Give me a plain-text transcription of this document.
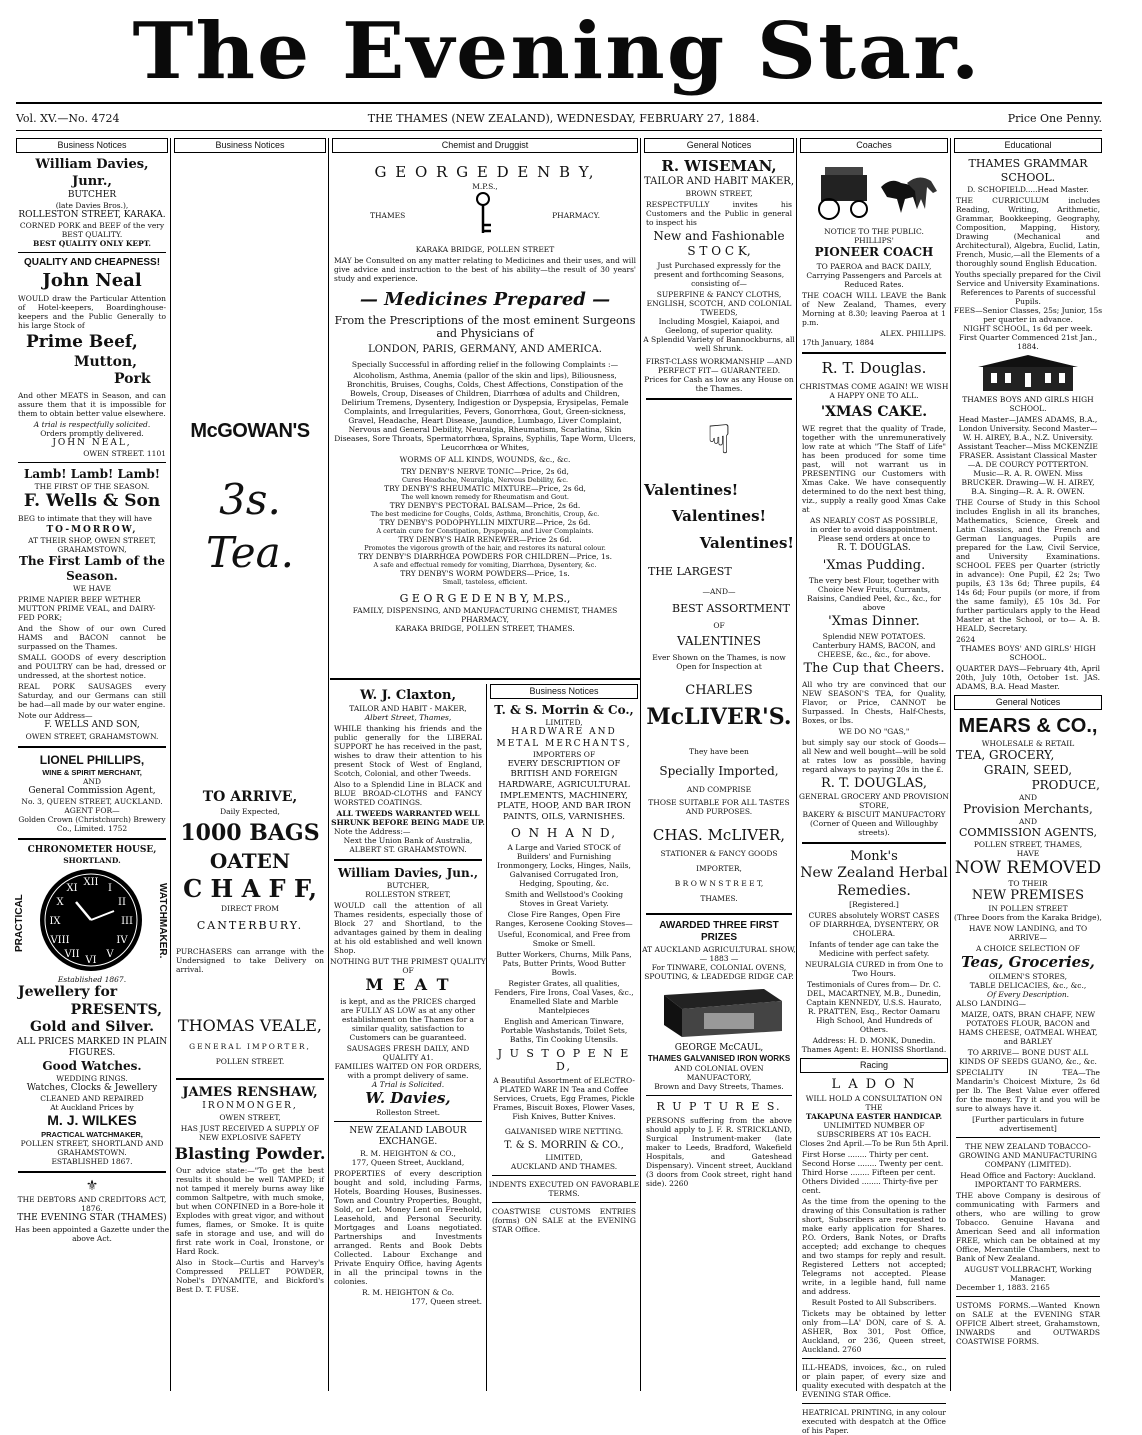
The Evening Star.
Vol. XV.—No. 4724	THE THAMES (NEW ZEALAND), WEDNESDAY, FEBRUARY 27, 1884.	Price One Penny.
Business Notices
William Davies, Junr.,
BUTCHER
(late Davies Bros.),
ROLLESTON STREET, KARAKA.
CORNED PORK and BEEF of the very BEST QUALITY.
BEST QUALITY ONLY KEPT.
QUALITY AND CHEAPNESS!
John Neal

WOULD draw the Particular Attention of Hotel-keepers, Boardinghouse-keepers and the Public Generally to his large Stock of

Prime Beef,
Mutton,
Pork

And other MEATS in Season, and can assure them that it is impossible for them to obtain better value elsewhere.

A trial is respectfully solicited.
Orders promptly delivered.
JOHN NEAL,
OWEN STREET. 1101
Lamb! Lamb! Lamb!
THE FIRST OF THE SEASON.
F. Wells & Son

BEG to intimate that they will have

TO-MORROW,
AT THEIR SHOP, OWEN STREET, GRAHAMSTOWN,
The First Lamb of the Season.
WE HAVE

PRIME NAPIER BEEF WETHER MUTTON PRIME VEAL, and DAIRY-FED PORK;

And the Show of our own Cured HAMS and BACON cannot be surpassed on the Thames.

SMALL GOODS of every description and POULTRY can be had, dressed or undressed, at the shortest notice.

REAL PORK SAUSAGES every Saturday, and our Germans can still be had—all made by our water engine.

Note our Address—
F. WELLS AND SON,
OWEN STREET, GRAHAMSTOWN.
LIONEL PHILLIPS,
WINE & SPIRIT MERCHANT,
AND
General Commission Agent,
No. 3, QUEEN STREET, AUCKLAND.
AGENT FOR—
Golden Crown (Christchurch) Brewery Co., Limited. 1752
CHRONOMETER HOUSE,
SHORTLAND.
PRACTICAL	WATCHMAKER.
XII
III
VI
IX
I
II
IV
V
VII
VIII
X
XI
Established 1867.
Jewellery for
PRESENTS,
Gold and Silver.
ALL PRICES MARKED IN PLAIN FIGURES.
Good Watches.
WEDDING RINGS.
Watches, Clocks & Jewellery
CLEANED AND REPAIRED
At Auckland Prices by
M. J. WILKES
PRACTICAL WATCHMAKER,
POLLEN STREET, SHORTLAND AND GRAHAMSTOWN.
ESTABLISHED 1867.
⚜
THE DEBTORS AND CREDITORS ACT, 1876.
THE EVENING STAR (THAMES)
Has been appointed a Gazette under the above Act.
Business Notices
McGOWAN'S
3s. Tea.
TO ARRIVE,
Daily Expected,
1000 BAGS
OATEN
C H A F F,
DIRECT FROM
CANTERBURY.

PURCHASERS can arrange with the Undersigned to take Delivery on arrival.

THOMAS VEALE,
GENERAL IMPORTER,
POLLEN STREET.
JAMES RENSHAW,
IRONMONGER,
OWEN STREET,

HAS JUST RECEIVED A SUPPLY OF NEW EXPLOSIVE SAFETY

Blasting Powder.

Our advice state:—"To get the best results it should be well TAMPED; if not tamped it merely burns away like common Saltpetre, with much smoke, but when CONFINED in a Bore-hole it Explodes with great vigor, and without fumes, flames, or Smoke. It is quite safe in storage and use, and will do first rate work in Coal, Ironstone, or Hard Rock.

Also in Stock—Curtis and Harvey's Compressed PELLET POWDER, Nobel's DYNAMITE, and Bickford's Best D. T. FUSE.

Chemist and Druggist
G E O R G E D E N B Y,
M.P.S.,
THAMES	PHARMACY.
KARAKA BRIDGE, POLLEN STREET

MAY be Consulted on any matter relating to Medicines and their uses, and will give advice and instruction to the best of his ability—the result of 30 years' study and experience.

— Medicines Prepared —
From the Prescriptions of the most eminent Surgeons and Physicians of
LONDON, PARIS, GERMANY, AND AMERICA.
Specially Successful in affording relief in the following Complaints :—

Alcoholism, Asthma, Anemia (pallor of the skin and lips), Biliousness, Bronchitis, Bruises, Coughs, Colds, Chest Affections, Constipation of the Bowels, Croup, Diseases of Children, Diarrhœa of adults and Children, Delirium Tremens, Dysentery, Indigestion or Dyspepsia, Erysipelas, Female Complaints, and Irregularities, Fevers, Gonorrhœa, Gout, Green-sickness, Gravel, Headache, Heart Disease, Jaundice, Lumbago, Liver Complaint, Nervous and General Debility, Neuralgia, Rheumatism, Scarlatina, Skin Diseases, Sore Throats, Spermatorrhœa, Sprains, Syphilis, Tape Worm, Ulcers, Leucorrhœa or Whites,

WORMS OF ALL KINDS, WOUNDS, &c., &c.
TRY DENBY'S NERVE TONIC—Price, 2s 6d,
Cures Headache, Neuralgia, Nervous Debility, &c.
TRY DENBY'S RHEUMATIC MIXTURE—Price, 2s 6d,
The well known remedy for Rheumatism and Gout.
TRY DENBY'S PECTORAL BALSAM—Price, 2s 6d.
The best medicine for Coughs, Colds, Asthma, Bronchitis, Croup, &c.
TRY DENBY'S PODOPHYLLIN MIXTURE—Price, 2s 6d.
A certain cure for Constipation, Dyspepsia, and Liver Complaints.
TRY DENBY'S HAIR RENEWER—Price 2s 6d.
Promotes the vigorous growth of the hair, and restores its natural colour.
TRY DENBY'S DIARRHŒA POWDERS FOR CHILDREN—Price, 1s.
A safe and effectual remedy for vomiting, Diarrhœa, Dysentery, &c.
TRY DENBY'S WORM POWDERS—Price, 1s.
Small, tasteless, efficient.
G E O R G E D E N B Y, M.P.S.,
FAMILY, DISPENSING, AND MANUFACTURING CHEMIST, THAMES PHARMACY,
KARAKA BRIDGE, POLLEN STREET, THAMES.
W. J. Claxton,
TAILOR AND HABIT - MAKER,
Albert Street, Thames,

WHILE thanking his friends and the public generally for the LIBERAL SUPPORT he has received in the past, wishes to draw their attention to his present Stock of West of England, Scotch, Colonial, and other Tweeds.

Also to a Splendid Line in BLACK and BLUE BROAD-CLOTHS and FANCY WORSTED COATINGS.

ALL TWEEDS WARRANTED WELL SHRUNK BEFORE BEING MADE UP.
Note the Address:—
Next the Union Bank of Australia, ALBERT ST. GRAHAMSTOWN.
William Davies, Jun.,
BUTCHER,
ROLLESTON STREET,

WOULD call the attention of all Thames residents, especially those of Block 27 and Shortland, to the advantages gained by them in dealing at his old established and well known Shop.

NOTHING BUT THE PRIMEST QUALITY OF
M E A T

is kept, and as the PRICES charged are FULLY AS LOW as at any other establishment on the Thames for a similar quality, satisfaction to Customers can be guaranteed.

SAUSAGES FRESH DAILY, AND QUALITY A1.
FAMILIES WAITED ON FOR ORDERS, with a prompt delivery of same.
A Trial is Solicited.
W. Davies,
Rolleston Street.
NEW ZEALAND LABOUR EXCHANGE.
R. M. HEIGHTON & CO.,
177, Queen Street, Auckland,

PROPERTIES of every description bought and sold, including Farms, Hotels, Boarding Houses, Businesses. Town and Country Properties, Bought, Sold, or Let. Money Lent on Freehold, Leasehold, and Personal Security. Mortgages and Loans negotiated. Partnerships and Investments arranged. Rents and Book Debts Collected. Labour Exchange and Private Enquiry Office, having Agents in all the principal towns in the colonies.

R. M. HEIGHTON & Co.
177, Queen street.
Business Notices
T. & S. Morrin & Co.,
LIMITED,
HARDWARE AND METAL MERCHANTS,
IMPORTERS OF
EVERY DESCRIPTION OF BRITISH AND FOREIGN HARDWARE, AGRICULTURAL IMPLEMENTS, MACHINERY, PLATE, HOOP, AND BAR IRON PAINTS, OILS, VARNISHES.
O N H A N D,

A Large and Varied STOCK of Builders' and Furnishing Ironmongery, Locks, Hinges, Nails, Galvanised Corrugated Iron, Hedging, Spouting, &c.

Smith and Wellstood's Cooking Stoves in Great Variety.

Close Fire Ranges, Open Fire Ranges, Kerosene Cooking Stoves—

Useful, Economical, and Free from Smoke or Smell.

Butter Workers, Churns, Milk Pans, Pats, Butter Prints, Wood Butter Bowls.

Register Grates, all qualities, Fenders, Fire Irons, Coal Vases, &c., Enamelled Slate and Marble Mantelpieces

English and American Tinware, Portable Washstands, Toilet Sets, Baths, Tin Cooking Utensils.

J U S T O P E N E D,

A Beautiful Assortment of ELECTRO-PLATED WARE IN Tea and Coffee Services, Cruets, Egg Frames, Pickle Frames, Biscuit Boxes, Flower Vases, Fish Knives, Butter Knives.

GALVANISED WIRE NETTING.
T. & S. MORRIN & CO.,
LIMITED,
AUCKLAND AND THAMES.
INDENTS EXECUTED ON FAVORABLE TERMS.

COASTWISE CUSTOMS ENTRIES (forms) ON SALE at the EVENING STAR Office.

General Notices
R. WISEMAN,
TAILOR AND HABIT MAKER,
BROWN STREET,

RESPECTFULLY invites his Customers and the Public in general to inspect his

New and Fashionable
S T O C K,

Just Purchased expressly for the present and forthcoming Seasons, consisting of—

SUPERFINE & FANCY CLOTHS, ENGLISH, SCOTCH, AND COLONIAL TWEEDS,
Including Mosgiel, Kaiapoi, and Geelong, of superior quality.
A Splendid Variety of Bannockburns, all well Shrunk.
FIRST-CLASS WORKMANSHIP —AND PERFECT FIT— GUARANTEED.
Prices for Cash as low as any House on the Thames.
☟
Valentines!
Valentines!
Valentines!
THE LARGEST
—AND—
BEST ASSORTMENT
OF
VALENTINES
Ever Shown on the Thames, is now Open for Inspection at
CHARLES
McLIVER'S.
They have been
Specially Imported,
AND COMPRISE
THOSE SUITABLE FOR ALL TASTES AND PURPOSES.
CHAS. McLIVER,
STATIONER & FANCY GOODS
IMPORTER,
B R O W N S T R E E T,
THAMES.
AWARDED THREE FIRST PRIZES
AT AUCKLAND AGRICULTURAL SHOW, — 1883 —
For TINWARE, COLONIAL OVENS, SPOUTING, & LEADEDGE RIDGE CAP.
GEORGE McCAUL,
THAMES GALVANISED IRON WORKS
AND COLONIAL OVEN MANUFACTORY,
Brown and Davy Streets, Thames.
R U P T U R E S.

PERSONS suffering from the above should apply to J. F. R. STRICKLAND, Surgical Instrument-maker (late maker to Leeds, Bradford, Wakefield Hospitals, and Gateshead Dispensary). Vincent street, Auckland (3 doors from Cook street, right hand side). 2260

Coaches
NOTICE TO THE PUBLIC.
PHILLIPS'
PIONEER COACH

TO PAEROA and BACK DAILY, Carrying Passengers and Parcels at Reduced Rates.

THE COACH WILL LEAVE the Bank of New Zealand, Thames, every Morning at 8.30; leaving Paeroa at 1 p.m.

ALEX. PHILLIPS.
17th January, 1884
R. T. Douglas.
CHRISTMAS COME AGAIN! WE WISH A HAPPY ONE TO ALL.
'XMAS CAKE.

WE regret that the quality of Trade, together with the unremuneratively low rate at which "The Staff of Life" has been produced for some time past, will not warrant us in PRESENTING our Customers with Xmas Cake. We have consequently determined to do the next best thing, viz., supply a really good Xmas Cake at

AS NEARLY COST AS POSSIBLE,
in order to avoid disappointment. Please send orders at once to
R. T. DOUGLAS.
'Xmas Pudding.

The very best Flour, together with Choice New Fruits, Currants, Raisins, Candied Peel, &c., &c., for above

'Xmas Dinner.

Splendid NEW POTATOES. Canterbury HAMS, BACON, and CHEESE, &c., &c., for above.

The Cup that Cheers.

All who try are convinced that our NEW SEASON'S TEA, for Quality, Flavor, or Price, CANNOT be Surpassed. In Chests, Half-Chests, Boxes, or lbs.

WE DO NO "GAS,"

but simply say our stock of Goods—all New and well bought—will be sold at rates low as possible, having regard always to paying 20s in the £.

R. T. DOUGLAS,
GENERAL GROCERY AND PROVISION STORE,
BAKERY & BISCUIT MANUFACTORY
(Corner of Queen and Willoughby streets).
Monk's
New Zealand Herbal Remedies.
[Registered.]

CURES absolutely WORST CASES OF DIARRHŒA, DYSENTERY, OR CHOLERA.

Infants of tender age can take the Medicine with perfect safety.

NEURALGIA CURED in from One to Two Hours.

Testimonials of Cures from— Dr. C. DEL, MACARTNEY, M.B., Dunedin, Captain KENNEDY, U.S.S. Haurato, R. PRATTEN, Esq., Rector Oamaru High School, And Hundreds of Others.

Address: H. D. MONK, Dunedin.
Thames Agent: E. HONISS Shortland.
Racing
L A D O N
WILL HOLD A CONSULTATION ON THE
TAKAPUNA EASTER HANDICAP.
UNLIMITED NUMBER OF SUBSCRIBERS AT 10s EACH.
Closes 2nd April.—To be Run 5th April.

First Horse ........ Thirty per cent. Second Horse ........ Twenty per cent. Third Horse ........ Fifteen per cent. Others Divided ........ Thirty-five per cent.

As the time from the opening to the drawing of this Consultation is rather short, Subscribers are requested to make early application for Shares. P.O. Orders, Bank Notes, or Drafts accepted; add exchange to cheques and two stamps for reply and result. Registered Letters not accepted; Telegrams not accepted. Please write, in a legible hand, full name and address.

Result Posted to All Subscribers.

Tickets may be obtained by letter only from—LA' DON, care of S. A. ASHER, Box 301, Post Office, Auckland, or 236, Queen street, Auckland. 2760

ILL-HEADS, invoices, &c., on ruled or plain paper, of every size and quality executed with despatch at the EVENING STAR Office.

HEATRICAL PRINTING, in any colour executed with despatch at the Office of his Paper.

Educational
THAMES GRAMMAR SCHOOL.
D. SCHOFIELD.....Head Master.

THE CURRICULUM includes Reading, Writing, Arithmetic, Grammar, Bookkeeping, Geography, Composition, Mapping, History, Drawing (Mechanical and Architectural), Algebra, Euclid, Latin, French, Music,—all the Elements of a thoroughly sound English Education.

Youths specially prepared for the Civil Service and University Examinations.
References to Parents of successful Pupils.
FEES—Senior Classes, 25s; Junior, 15s per quarter in advance.
NIGHT SCHOOL, 1s 6d per week.
First Quarter Commenced 21st Jan., 1884.
THAMES BOYS AND GIRLS HIGH SCHOOL.

Head Master—JAMES ADAMS, B.A., London University. Second Master—W. H. AIREY, B.A., N.Z. University. Assistant Teacher—Miss MCKENZIE FRASER. Assistant Classical Master—A. DE COURCY POTTERTON. Music—R. A. R. OWEN. Miss BRUCKER. Drawing—W. H. AIREY, B.A. Singing—R. A. R. OWEN.

THE Course of Study in this School includes English in all its branches, Mathematics, Science, Greek and Latin Classics, and the French and German Languages. Pupils are prepared for the Law, Civil Service, and University Examinations. SCHOOL FEES per Quarter (strictly in advance): One Pupil, £2 2s; Two pupils, £3 13s 6d; Three pupils, £4 14s 6d; Four pupils (or more, if from the same family), £5 10s 3d. For further particulars apply to the Head Master at the School, or to— A. B. HEALD, Secretary.

2624
THAMES BOYS' AND GIRLS' HIGH SCHOOL.

QUARTER DAYS—February 4th, April 20th, July 10th, October 1st. JAS. ADAMS, B.A. Head Master.

General Notices
MEARS & CO.,
WHOLESALE & RETAIL
TEA, GROCERY,
GRAIN, SEED,
PRODUCE,
AND
Provision Merchants,
AND
COMMISSION AGENTS,
POLLEN STREET, THAMES,
HAVE
NOW REMOVED
TO THEIR
NEW PREMISES
IN POLLEN STREET
(Three Doors from the Karaka Bridge),

HAVE NOW LANDING, and TO ARRIVE—

A CHOICE SELECTION OF
Teas, Groceries,
OILMEN'S STORES,
TABLE DELICACIES, &c., &c.,
Of Every Description.
ALSO LANDING—

MAIZE, OATS, BRAN CHAFF, NEW POTATOES FLOUR, BACON and HAMS CHEESE, OATMEAL WHEAT, and BARLEY

TO ARRIVE— BONE DUST ALL KINDS OF SEEDS GUANO, &c., &c.

SPECIALITY IN TEA—The Mandarin's Choicest Mixture, 2s 6d per lb. The Best Value ever offered for the money. Try it and you will be sure to always have it.

[Further particulars in future advertisement]

THE NEW ZEALAND TOBACCO-GROWING AND MANUFACTURING COMPANY (LIMITED).

Head Office and Factory: Auckland.
IMPORTANT TO FARMERS.

THE above Company is desirous of communicating with Farmers and others, who are willing to grow Tobacco. Genuine Havana and American Seed and all information FREE, which can be obtained at my Office, Mercantile Chambers, next to Bank of New Zealand.

AUGUST VOLLBRACHT, Working Manager.
December 1, 1883. 2165

USTOMS FORMS.—Wanted Known on SALE at the EVENING STAR OFFICE Albert street, Grahamstown, INWARDS and OUTWARDS COASTWISE FORMS.
